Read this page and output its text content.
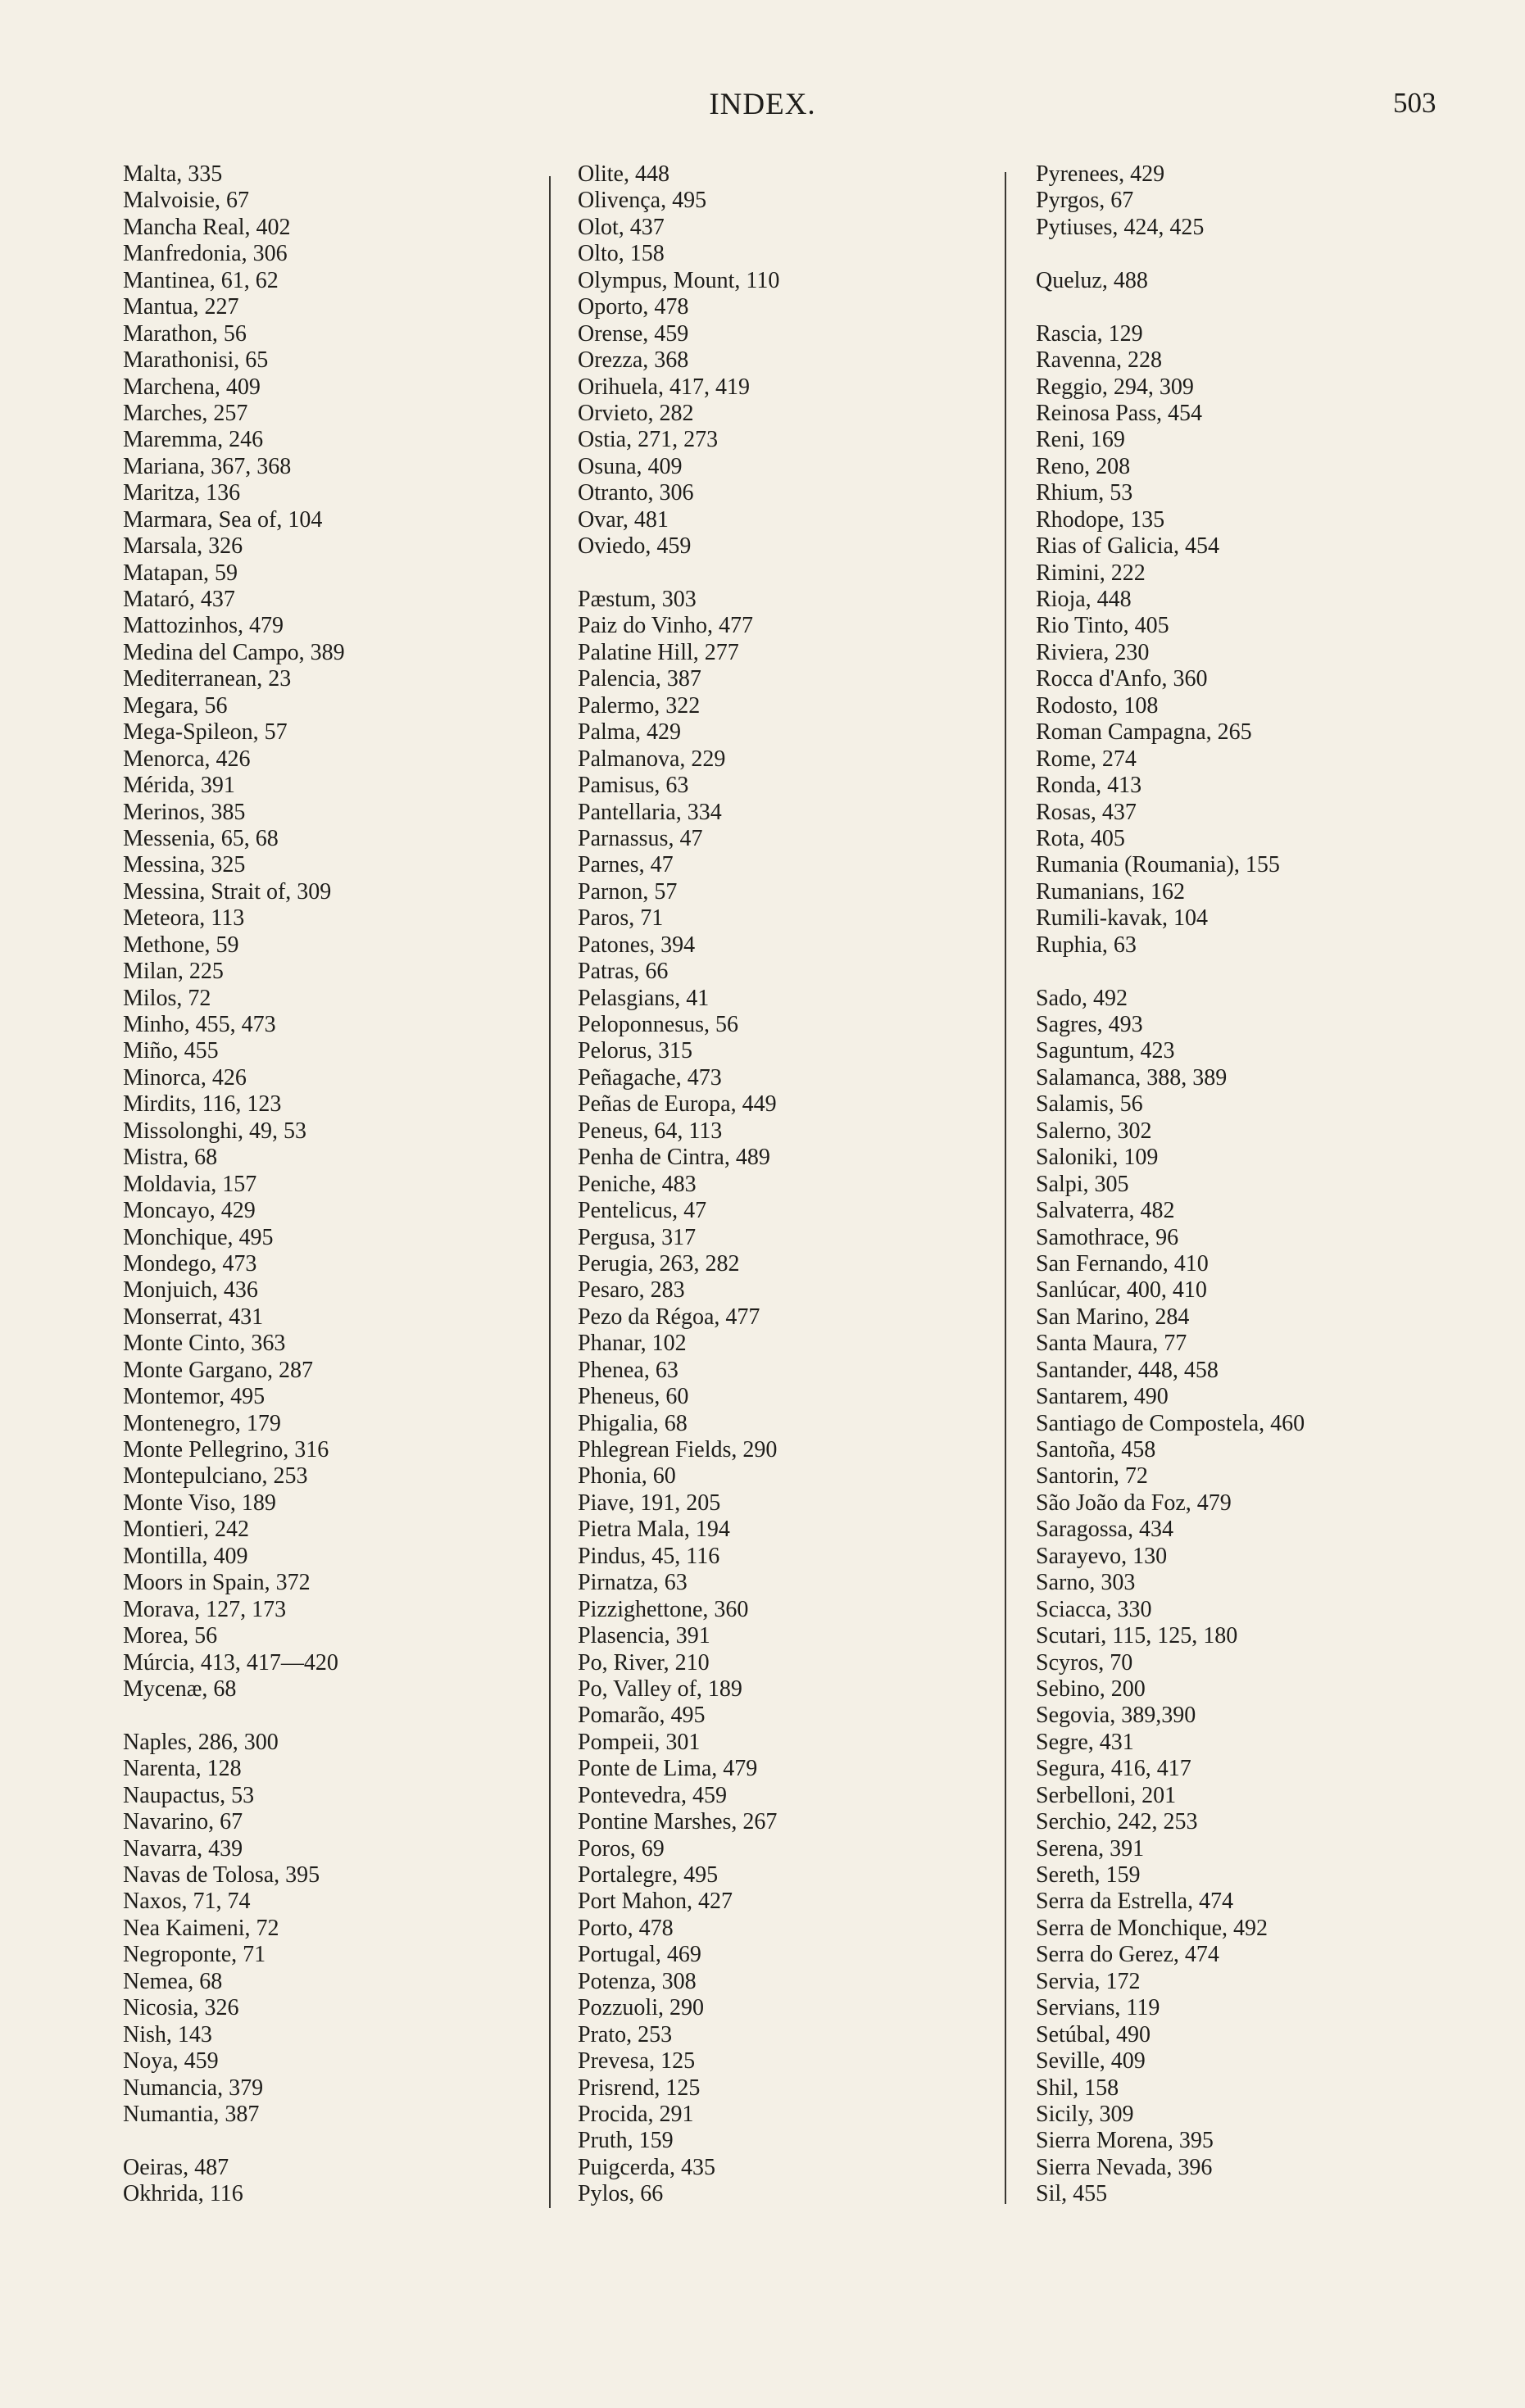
INDEX.	503
Malta, 335
Malvoisie, 67
Mancha Real, 402
Manfredonia, 306
Mantinea, 61, 62
Mantua, 227
Marathon, 56
Marathonisi, 65
Marchena, 409
Marches, 257
Maremma, 246
Mariana, 367, 368
Maritza, 136
Marmara, Sea of, 104
Marsala, 326
Matapan, 59
Mataró, 437
Mattozinhos, 479
Medina del Campo, 389
Mediterranean, 23
Megara, 56
Mega-Spileon, 57
Menorca, 426
Mérida, 391
Merinos, 385
Messenia, 65, 68
Messina, 325
Messina, Strait of, 309
Meteora, 113
Methone, 59
Milan, 225
Milos, 72
Minho, 455, 473
Miño, 455
Minorca, 426
Mirdits, 116, 123
Missolonghi, 49, 53
Mistra, 68
Moldavia, 157
Moncayo, 429
Monchique, 495
Mondego, 473
Monjuich, 436
Monserrat, 431
Monte Cinto, 363
Monte Gargano, 287
Montemor, 495
Montenegro, 179
Monte Pellegrino, 316
Montepulciano, 253
Monte Viso, 189
Montieri, 242
Montilla, 409
Moors in Spain, 372
Morava, 127, 173
Morea, 56
Múrcia, 413, 417—420
Mycenæ, 68
Naples, 286, 300
Narenta, 128
Naupactus, 53
Navarino, 67
Navarra, 439
Navas de Tolosa, 395
Naxos, 71, 74
Nea Kaimeni, 72
Negroponte, 71
Nemea, 68
Nicosia, 326
Nish, 143
Noya, 459
Numancia, 379
Numantia, 387
Oeiras, 487
Okhrida, 116
Olite, 448
Olivença, 495
Olot, 437
Olto, 158
Olympus, Mount, 110
Oporto, 478
Orense, 459
Orezza, 368
Orihuela, 417, 419
Orvieto, 282
Ostia, 271, 273
Osuna, 409
Otranto, 306
Ovar, 481
Oviedo, 459
Pæstum, 303
Paiz do Vinho, 477
Palatine Hill, 277
Palencia, 387
Palermo, 322
Palma, 429
Palmanova, 229
Pamisus, 63
Pantellaria, 334
Parnassus, 47
Parnes, 47
Parnon, 57
Paros, 71
Patones, 394
Patras, 66
Pelasgians, 41
Peloponnesus, 56
Pelorus, 315
Peñagache, 473
Peñas de Europa, 449
Peneus, 64, 113
Penha de Cintra, 489
Peniche, 483
Pentelicus, 47
Pergusa, 317
Perugia, 263, 282
Pesaro, 283
Pezo da Régoa, 477
Phanar, 102
Phenea, 63
Pheneus, 60
Phigalia, 68
Phlegrean Fields, 290
Phonia, 60
Piave, 191, 205
Pietra Mala, 194
Pindus, 45, 116
Pirnatza, 63
Pizzighettone, 360
Plasencia, 391
Po, River, 210
Po, Valley of, 189
Pomarão, 495
Pompeii, 301
Ponte de Lima, 479
Pontevedra, 459
Pontine Marshes, 267
Poros, 69
Portalegre, 495
Port Mahon, 427
Porto, 478
Portugal, 469
Potenza, 308
Pozzuoli, 290
Prato, 253
Prevesa, 125
Prisrend, 125
Procida, 291
Pruth, 159
Puigcerda, 435
Pylos, 66
Pyrenees, 429
Pyrgos, 67
Pytiuses, 424, 425
Queluz, 488
Rascia, 129
Ravenna, 228
Reggio, 294, 309
Reinosa Pass, 454
Reni, 169
Reno, 208
Rhium, 53
Rhodope, 135
Rias of Galicia, 454
Rimini, 222
Rioja, 448
Rio Tinto, 405
Riviera, 230
Rocca d'Anfo, 360
Rodosto, 108
Roman Campagna, 265
Rome, 274
Ronda, 413
Rosas, 437
Rota, 405
Rumania (Roumania), 155
Rumanians, 162
Rumili-kavak, 104
Ruphia, 63
Sado, 492
Sagres, 493
Saguntum, 423
Salamanca, 388, 389
Salamis, 56
Salerno, 302
Saloniki, 109
Salpi, 305
Salvaterra, 482
Samothrace, 96
San Fernando, 410
Sanlúcar, 400, 410
San Marino, 284
Santa Maura, 77
Santander, 448, 458
Santarem, 490
Santiago de Compostela, 460
Santoña, 458
Santorin, 72
São João da Foz, 479
Saragossa, 434
Sarayevo, 130
Sarno, 303
Sciacca, 330
Scutari, 115, 125, 180
Scyros, 70
Sebino, 200
Segovia, 389,390
Segre, 431
Segura, 416, 417
Serbelloni, 201
Serchio, 242, 253
Serena, 391
Sereth, 159
Serra da Estrella, 474
Serra de Monchique, 492
Serra do Gerez, 474
Servia, 172
Servians, 119
Setúbal, 490
Seville, 409
Shil, 158
Sicily, 309
Sierra Morena, 395
Sierra Nevada, 396
Sil, 455
